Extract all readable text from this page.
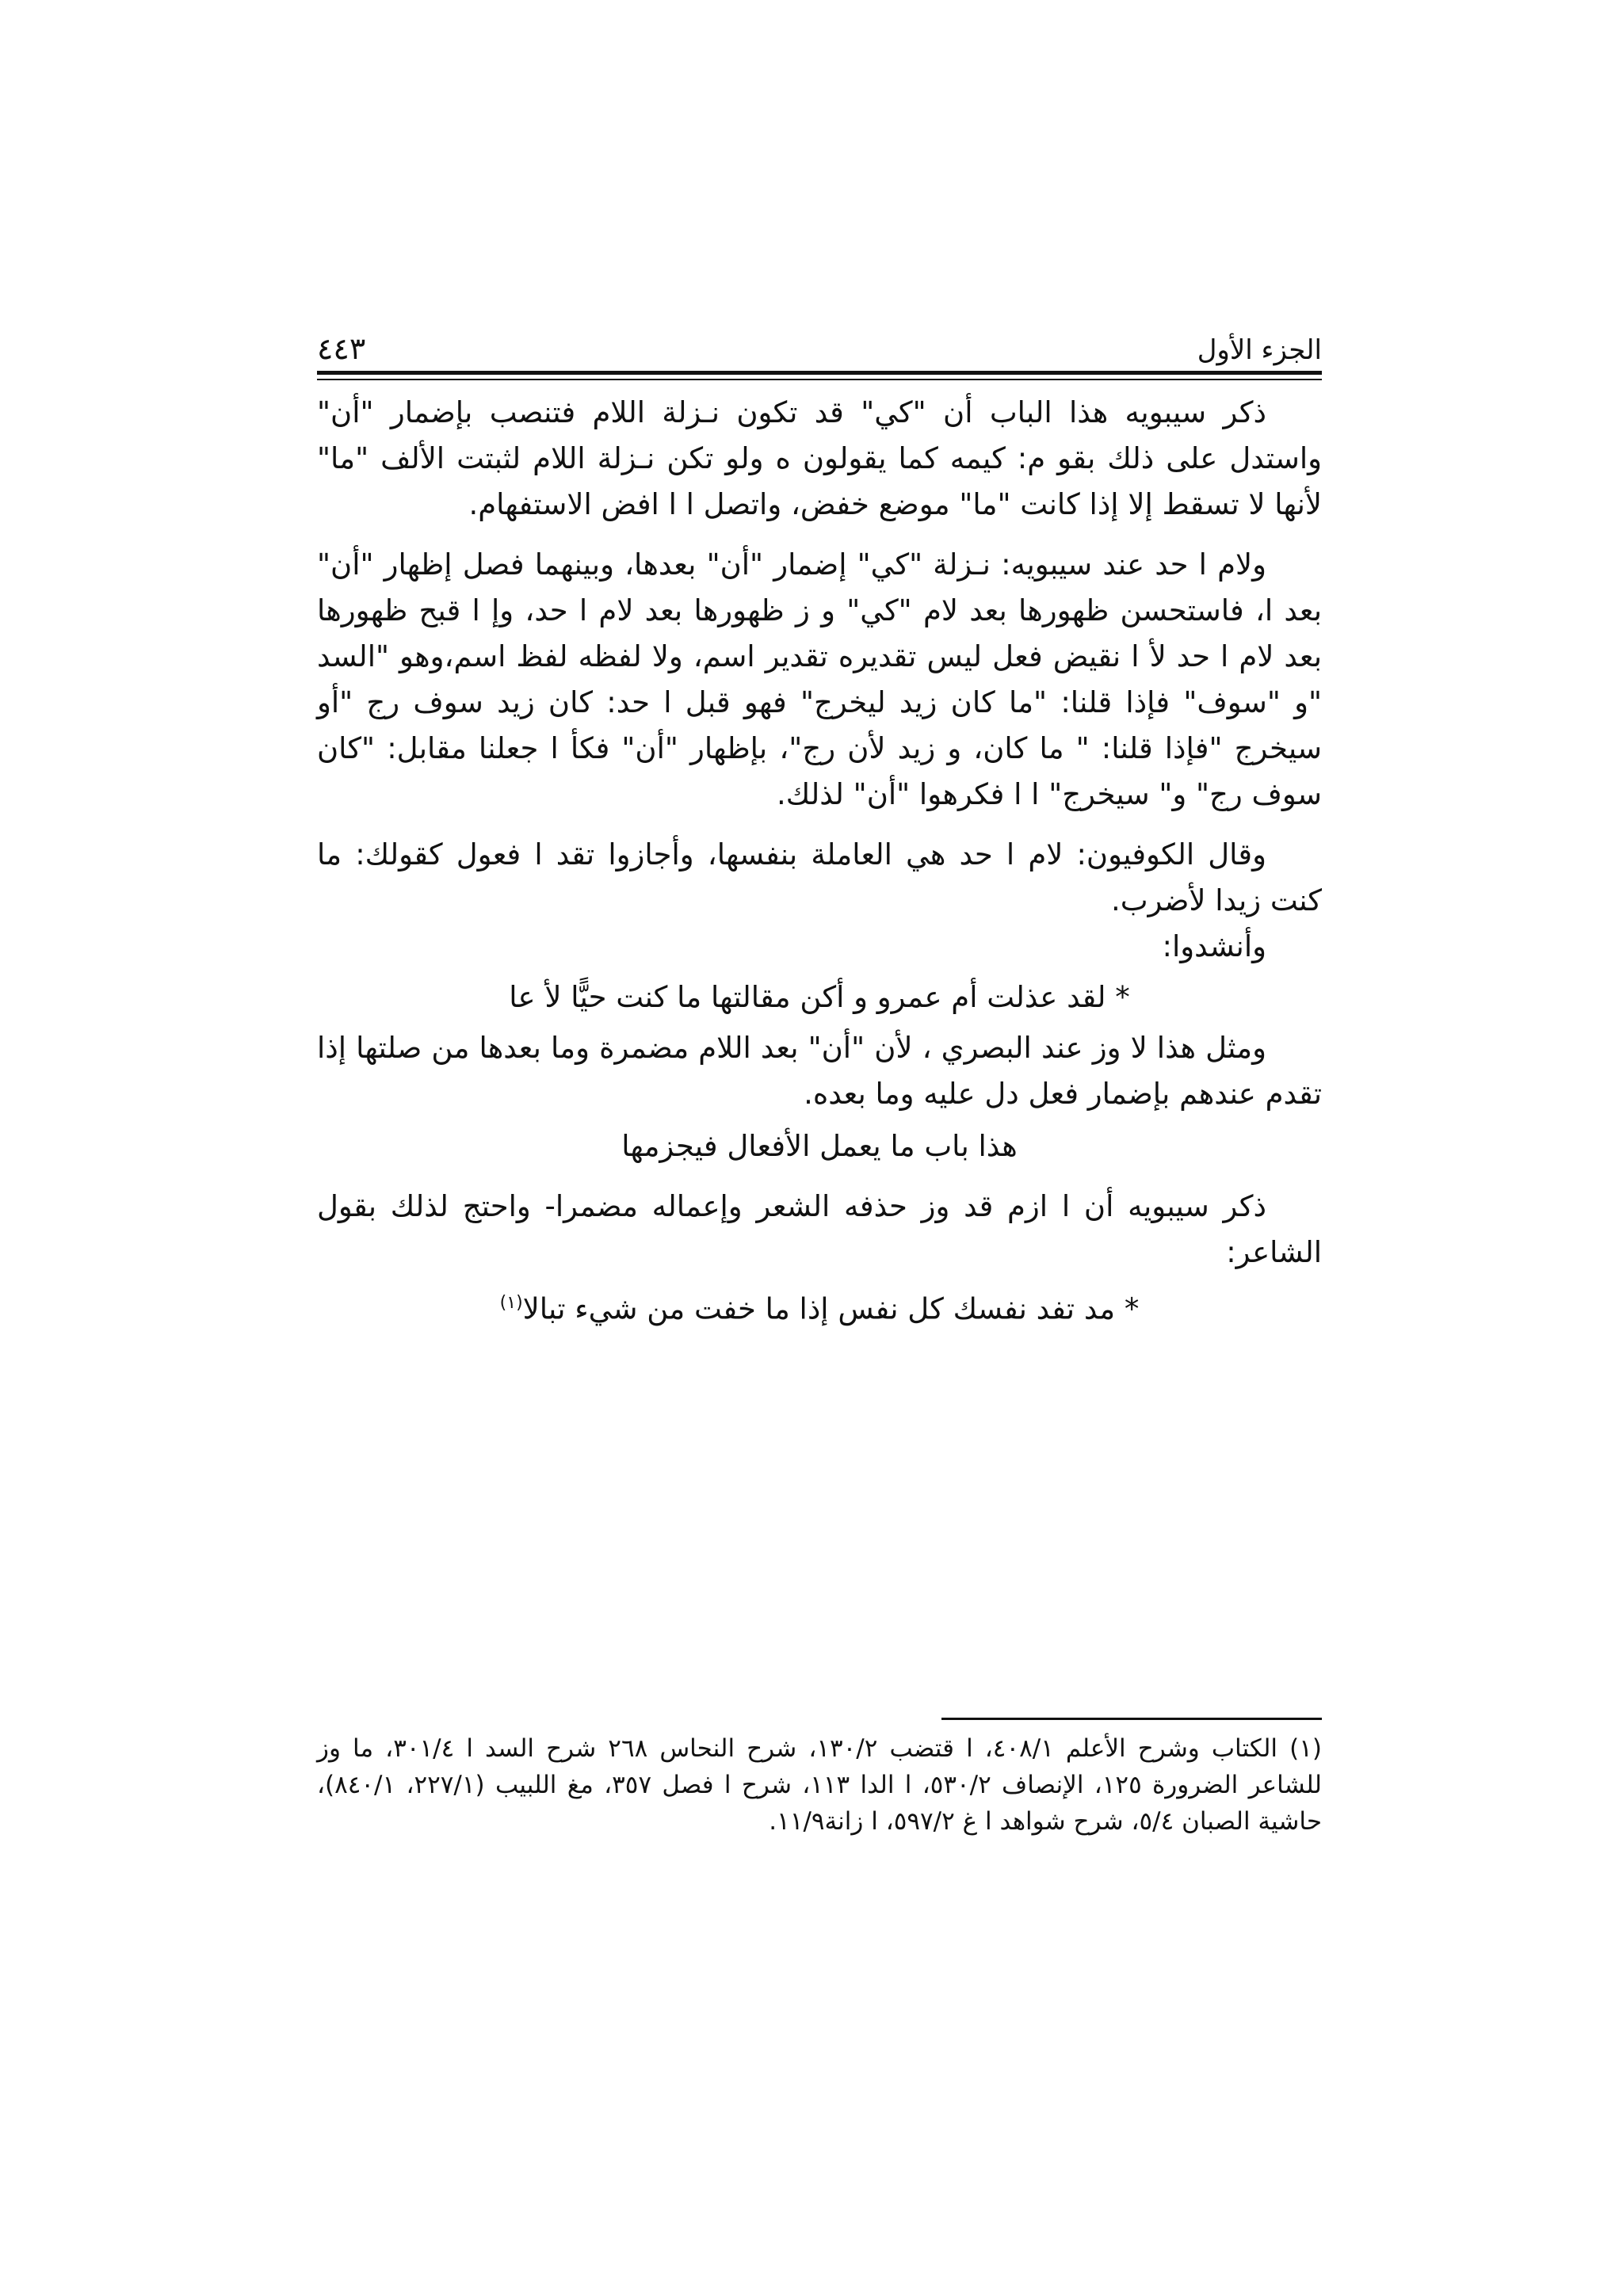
٤٤٣	الجزء الأول

ذكر سيبويه هذا الباب أن "كي" قد تكون نـزلة اللام فتنصب بإضمار "أن" واستدل على ذلك بقو م: كيمه كما يقولون ه ولو تكن نـزلة اللام لثبتت الألف "ما" لأنها لا تسقط إلا إذا كانت "ما" موضع خفض، واتصل ا ا افض الاستفهام.

ولام ا حد عند سيبويه: نـزلة "كي" إضمار "أن" بعدها، وبينهما فصل إظهار "أن" بعد ا، فاستحسن ظهورها بعد لام "كي" و ز ظهورها بعد لام ا حد، وإ ا قبح ظهورها بعد لام ا حد لأ ا نقيض فعل ليس تقديره تقدير اسم، ولا لفظه لفظ اسم،وهو "السد "و "سوف" فإذا قلنا: "ما كان زيد ليخرج" فهو قبل ا حد: كان زيد سوف رج "أو سيخرج "فإذا قلنا: " ما كان، و زيد لأن رج"، بإظهار "أن" فكأ ا جعلنا مقابل: "كان سوف رج" و" سيخرج" ا ا فكرهوا "أن" لذلك.

وقال الكوفيون: لام ا حد هي العاملة بنفسها، وأجازوا تقد ا فعول كقولك: ما كنت زيدا لأضرب.

وأنشدوا:

* لقد عذلت أم عمرو و أكن مقالتها ما كنت حيًّا لأ عا

ومثل هذا لا وز عند البصري ، لأن "أن" بعد اللام مضمرة وما بعدها من صلتها إذا تقدم عندهم بإضمار فعل دل عليه وما بعده.

هذا باب ما يعمل الأفعال فيجزمها

ذكر سيبويه أن ا ازم قد وز حذفه الشعر وإعماله مضمرا- واحتج لذلك بقول الشاعر:

* مد تفد نفسك كل نفس إذا ما خفت من شيء تبالا$^{(١)}$

(١) الكتاب وشرح الأعلم ٤٠٨/١، ا قتضب ١٣٠/٢، شرح النحاس ٢٦٨ شرح السد ا ٣٠١/٤، ما وز للشاعر الضرورة ١٢٥، الإنصاف ٥٣٠/٢، ا الدا ١١٣، شرح ا فصل ٣٥٧، مغ اللبيب (٢٢٧/١، ٨٤٠/١)، حاشية الصبان ٥/٤، شرح شواهد ا غ ٥٩٧/٢، ا زانة١١/٩.
